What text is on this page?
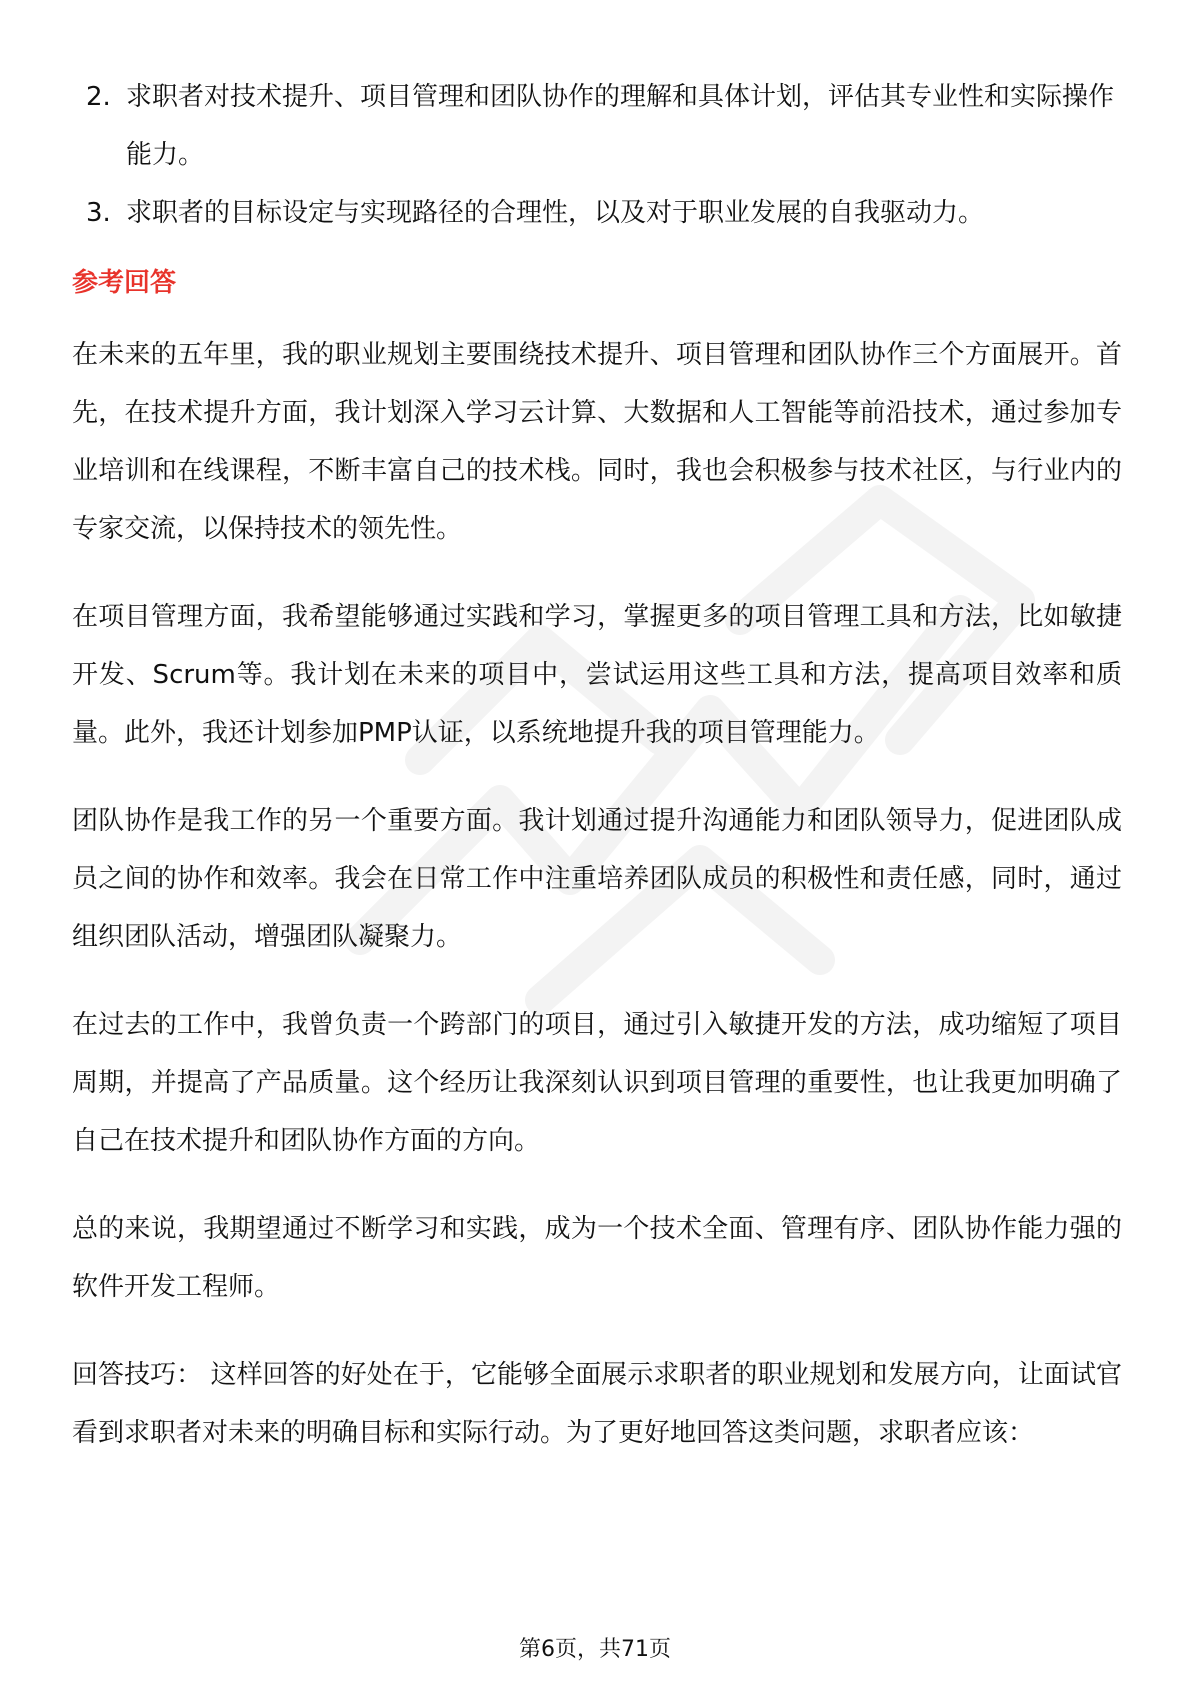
2. 求职者对技术提升、项目管理和团队协作的理解和具体计划，评估其专业性和实际操作能力。

3. 求职者的目标设定与实现路径的合理性，以及对于职业发展的自我驱动力。

参考回答

在未来的五年里，我的职业规划主要围绕技术提升、项目管理和团队协作三个方面展开。首先，在技术提升方面，我计划深入学习云计算、大数据和人工智能等前沿技术，通过参加专业培训和在线课程，不断丰富自己的技术栈。同时，我也会积极参与技术社区，与行业内的专家交流，以保持技术的领先性。

在项目管理方面，我希望能够通过实践和学习，掌握更多的项目管理工具和方法，比如敏捷开发、Scrum等。我计划在未来的项目中，尝试运用这些工具和方法，提高项目效率和质量。此外，我还计划参加PMP认证，以系统地提升我的项目管理能力。

团队协作是我工作的另一个重要方面。我计划通过提升沟通能力和团队领导力，促进团队成员之间的协作和效率。我会在日常工作中注重培养团队成员的积极性和责任感，同时，通过组织团队活动，增强团队凝聚力。

在过去的工作中，我曾负责一个跨部门的项目，通过引入敏捷开发的方法，成功缩短了项目周期，并提高了产品质量。这个经历让我深刻认识到项目管理的重要性，也让我更加明确了自己在技术提升和团队协作方面的方向。

总的来说，我期望通过不断学习和实践，成为一个技术全面、管理有序、团队协作能力强的软件开发工程师。

回答技巧： 这样回答的好处在于，它能够全面展示求职者的职业规划和发展方向，让面试官看到求职者对未来的明确目标和实际行动。为了更好地回答这类问题，求职者应该：

第6页，共71页
